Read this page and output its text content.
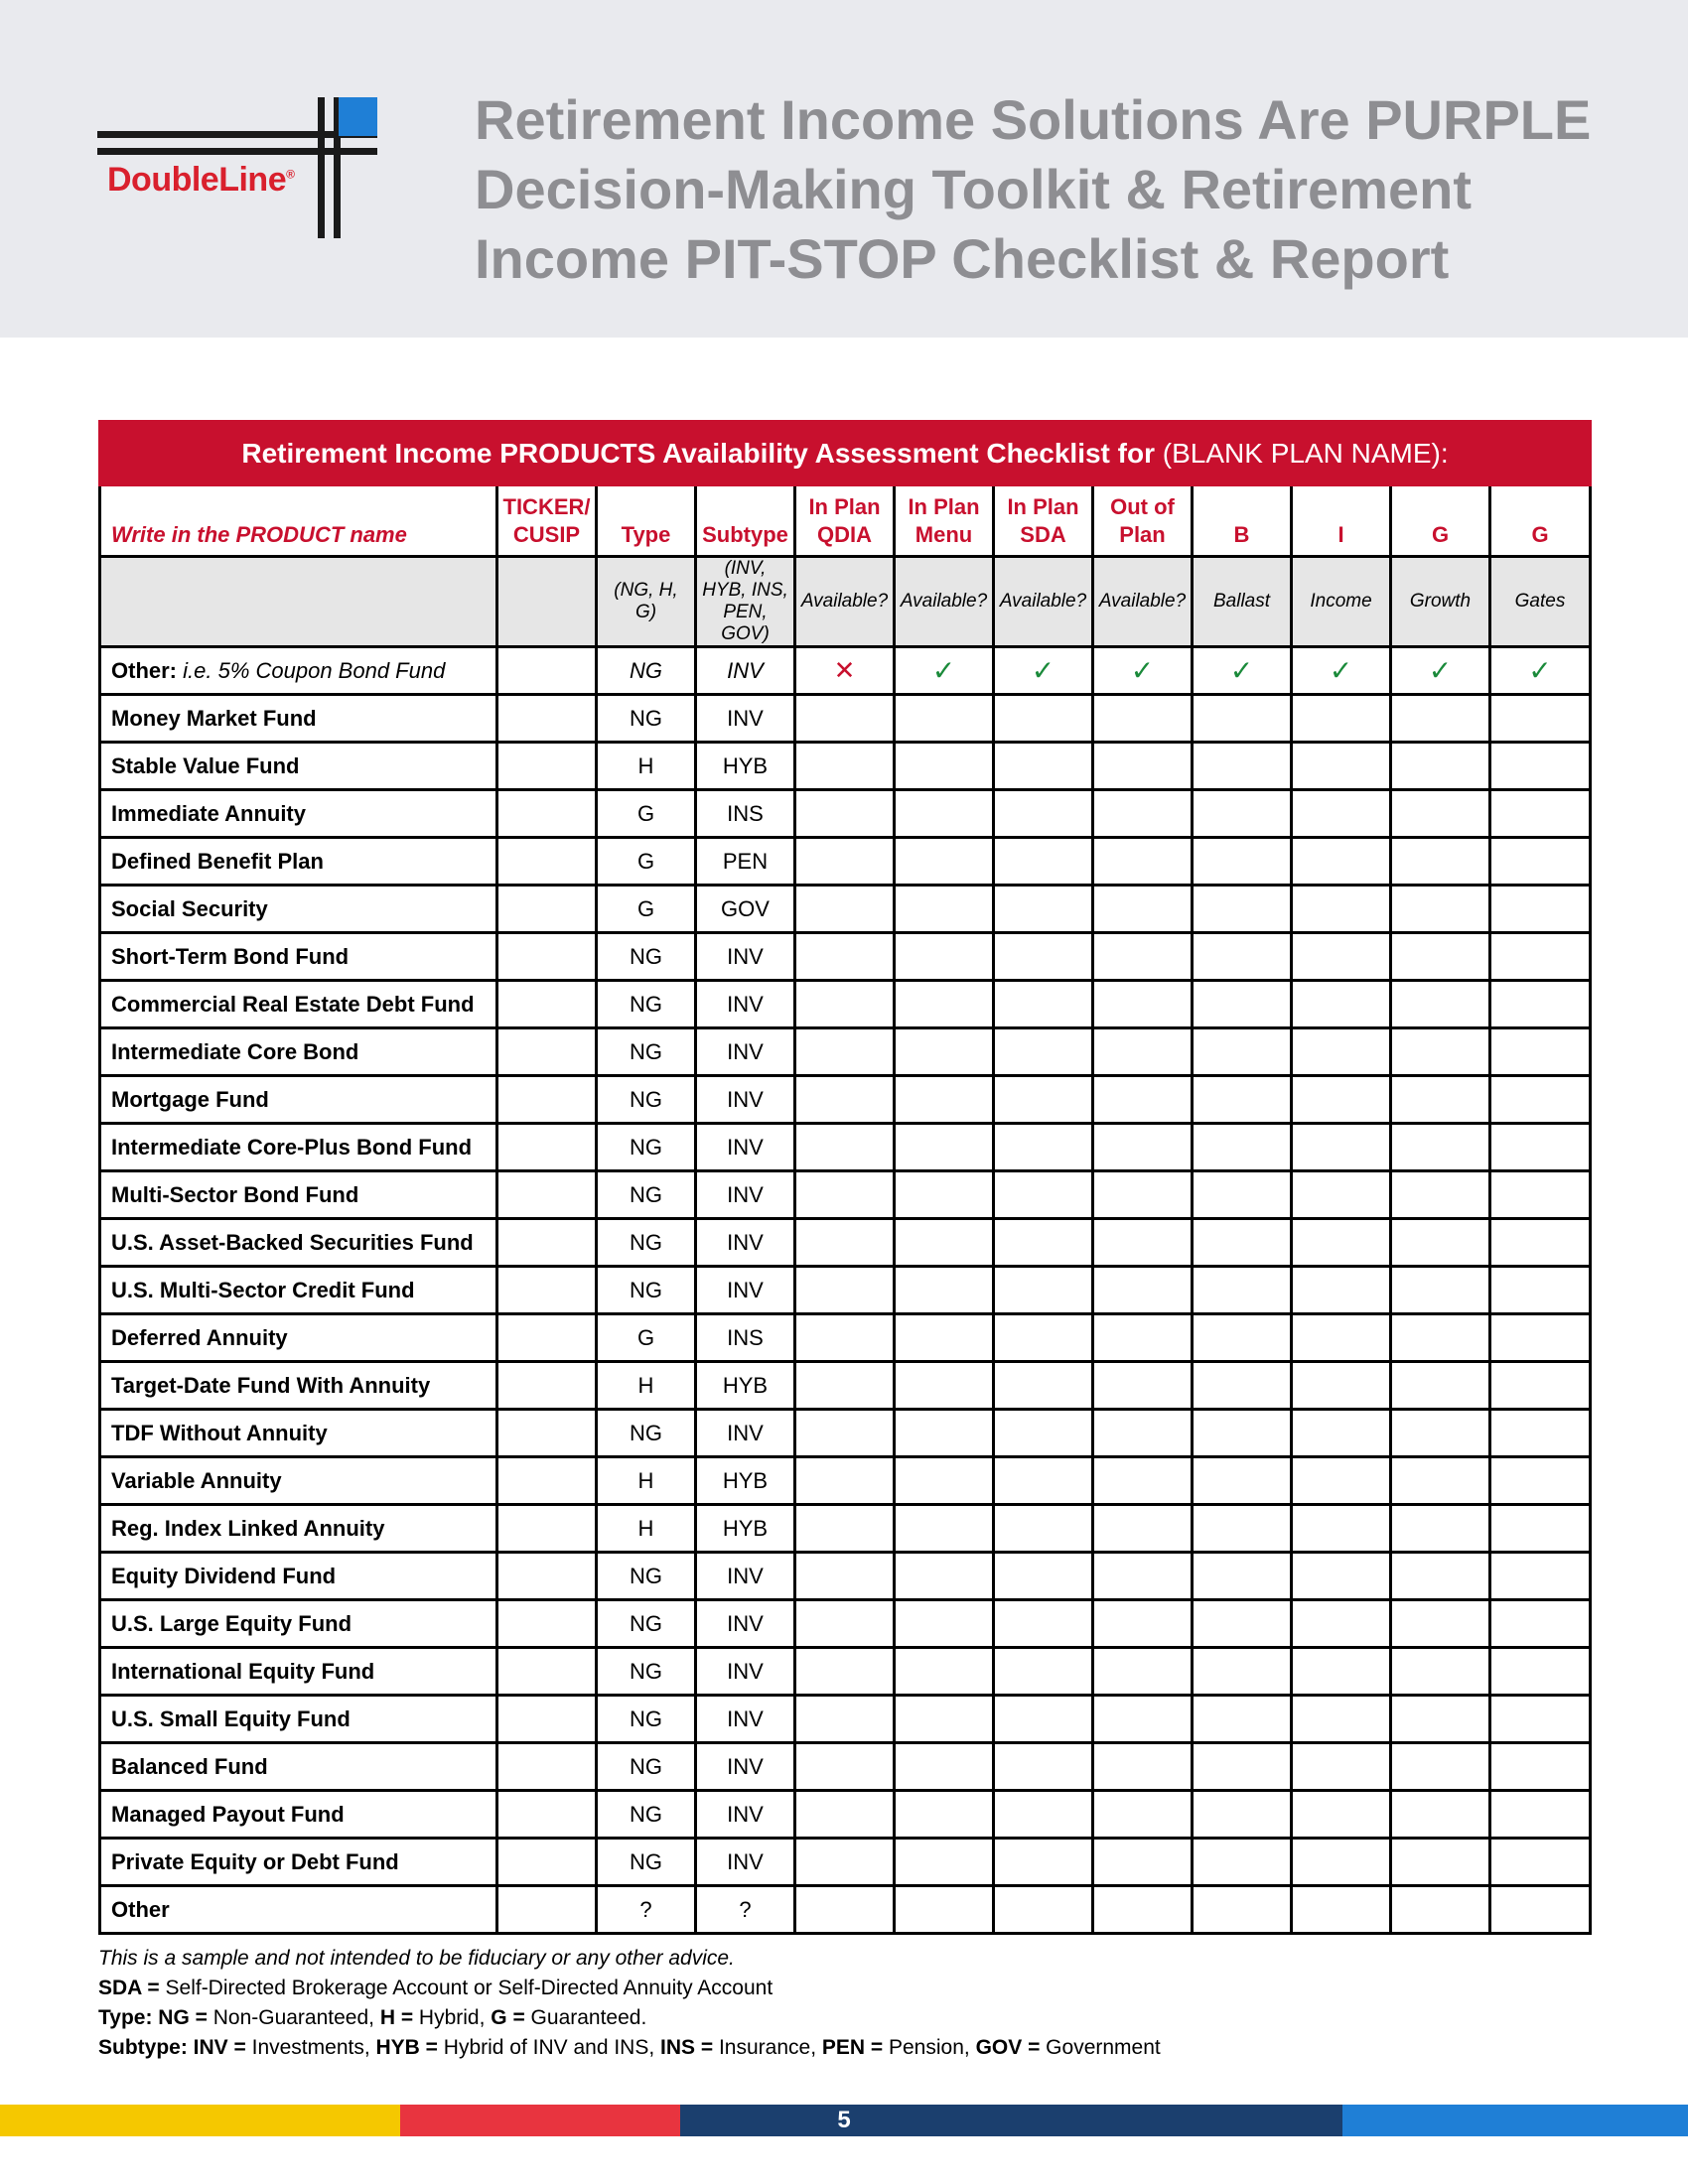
DoubleLine®
Retirement Income Solutions Are PURPLE
Decision-Making Toolkit & Retirement
Income PIT-STOP Checklist & Report
Retirement Income PRODUCTS Availability Assessment Checklist for (BLANK PLAN NAME):											
Write in the PRODUCT name	TICKER/ CUSIP	Type	Subtype	In Plan QDIA	In Plan Menu	In Plan SDA	Out of Plan	B	I	G	G
		(NG, H, G)	(INV, HYB, INS, PEN, GOV)	Available?	Available?	Available?	Available?	Ballast	Income	Growth	Gates
Other: i.e. 5% Coupon Bond Fund		NG	INV	✕	✓	✓	✓	✓	✓	✓	✓
Money Market Fund		NG	INV								
Stable Value Fund		H	HYB								
Immediate Annuity		G	INS								
Defined Benefit Plan		G	PEN								
Social Security		G	GOV								
Short-Term Bond Fund		NG	INV								
Commercial Real Estate Debt Fund		NG	INV								
Intermediate Core Bond		NG	INV								
Mortgage Fund		NG	INV								
Intermediate Core-Plus Bond Fund		NG	INV								
Multi-Sector Bond Fund		NG	INV								
U.S. Asset-Backed Securities Fund		NG	INV								
U.S. Multi-Sector Credit Fund		NG	INV								
Deferred Annuity		G	INS								
Target-Date Fund With Annuity		H	HYB								
TDF Without Annuity		NG	INV								
Variable Annuity		H	HYB								
Reg. Index Linked Annuity		H	HYB								
Equity Dividend Fund		NG	INV								
U.S. Large Equity Fund		NG	INV								
International Equity Fund		NG	INV								
U.S. Small Equity Fund		NG	INV								
Balanced Fund		NG	INV								
Managed Payout Fund		NG	INV								
Private Equity or Debt Fund		NG	INV								
Other		?	?								
This is a sample and not intended to be fiduciary or any other advice.
SDA = Self-Directed Brokerage Account or Self-Directed Annuity Account
Type: NG = Non-Guaranteed, H = Hybrid, G = Guaranteed.
Subtype: INV = Investments, HYB = Hybrid of INV and INS, INS = Insurance, PEN = Pension, GOV = Government
5
